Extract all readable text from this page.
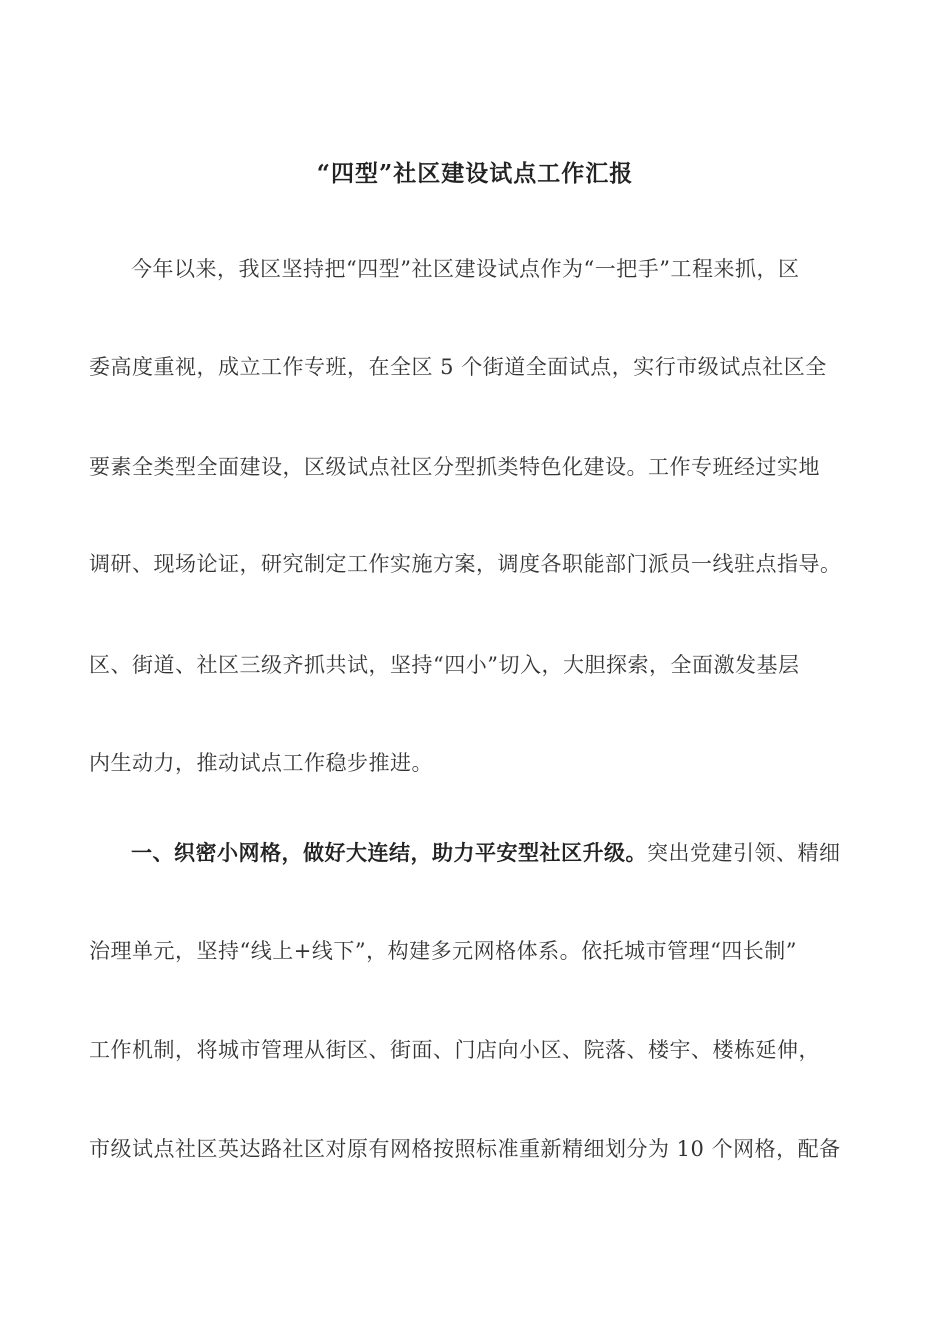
“四型”社区建设试点工作汇报
今年以来，我区坚持把“四型”社区建设试点作为“一把手”工程来抓，区
委高度重视，成立工作专班，在全区 5 个街道全面试点，实行市级试点社区全
要素全类型全面建设，区级试点社区分型抓类特色化建设。工作专班经过实地
调研、现场论证，研究制定工作实施方案，调度各职能部门派员一线驻点指导。
区、街道、社区三级齐抓共试，坚持“四小”切入，大胆探索，全面激发基层
内生动力，推动试点工作稳步推进。
一、织密小网格，做好大连结，助力平安型社区升级。突出党建引领、精细
治理单元，坚持“线上+线下”，构建多元网格体系。依托城市管理“四长制”
工作机制，将城市管理从街区、街面、门店向小区、院落、楼宇、楼栋延伸，
市级试点社区英达路社区对原有网格按照标准重新精细划分为 10 个网格，配备
